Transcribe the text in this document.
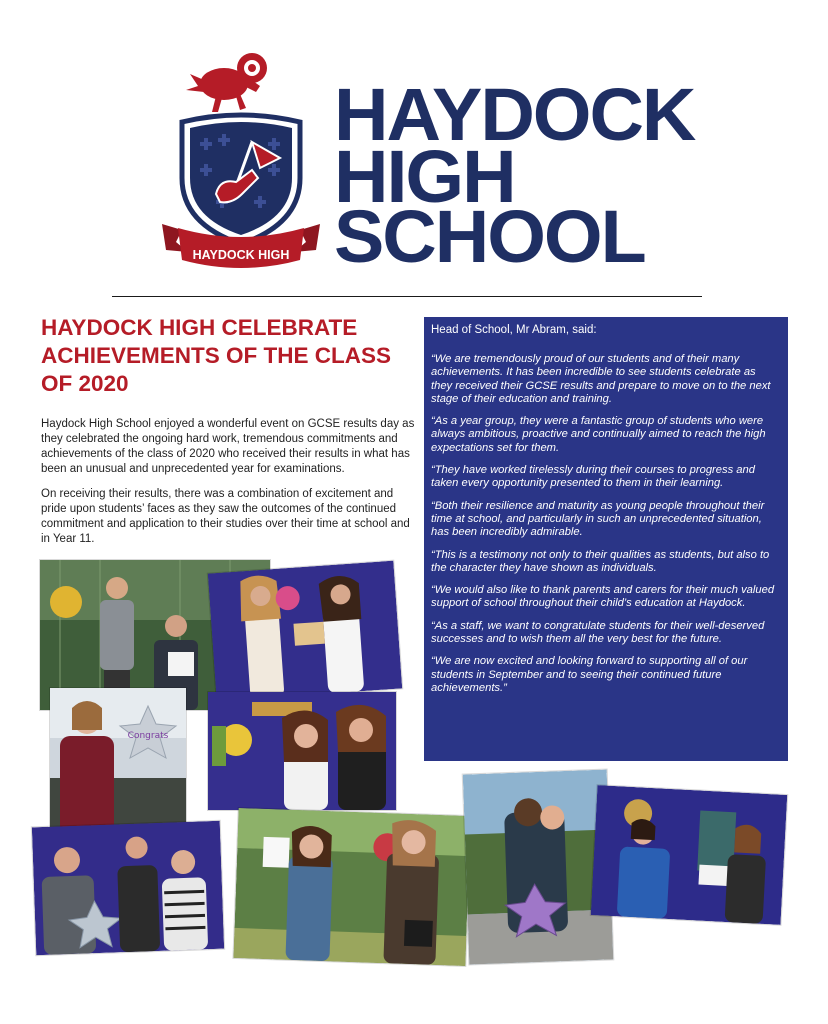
HAYDOCK HIGH
HAYDOCK
HIGH
SCHOOL
HAYDOCK HIGH CELEBRATE ACHIEVEMENTS OF THE CLASS OF 2020

Haydock High School enjoyed a wonderful event on GCSE results day as they celebrated the ongoing hard work, tremendous commitments and achievements of the class of 2020 who received their results in what has been an unusual and unprecedented year for examinations.

On receiving their results, there was a combination of excitement and pride upon students’ faces as they saw the outcomes of the continued commitment and application to their studies over their time at school and in Year 11.

Head of School, Mr Abram, said:

“We are tremendously proud of our students and of their many achievements. It has been incredible to see students celebrate as they received their GCSE results and prepare to move on to the next stage of their education and training.

“As a year group, they were a fantastic group of students who were always ambitious, proactive and continually aimed to reach the high expectations set for them.

“They have worked tirelessly during their courses to progress and taken every opportunity presented to them in their learning.

“Both their resilience and maturity as young people throughout their time at school, and particularly in such an unprecedented situation, has been incredibly admirable.

“This is a testimony not only to their qualities as students, but also to the character they have shown as individuals.

“We would also like to thank parents and carers for their much valued support of school throughout their child’s education at Haydock.

“As a staff, we want to congratulate students for their well-deserved successes and to wish them all the very best for the future.

“We are now excited and looking forward to supporting all of our students in September and to seeing their continued future achievements.”

Congrats
